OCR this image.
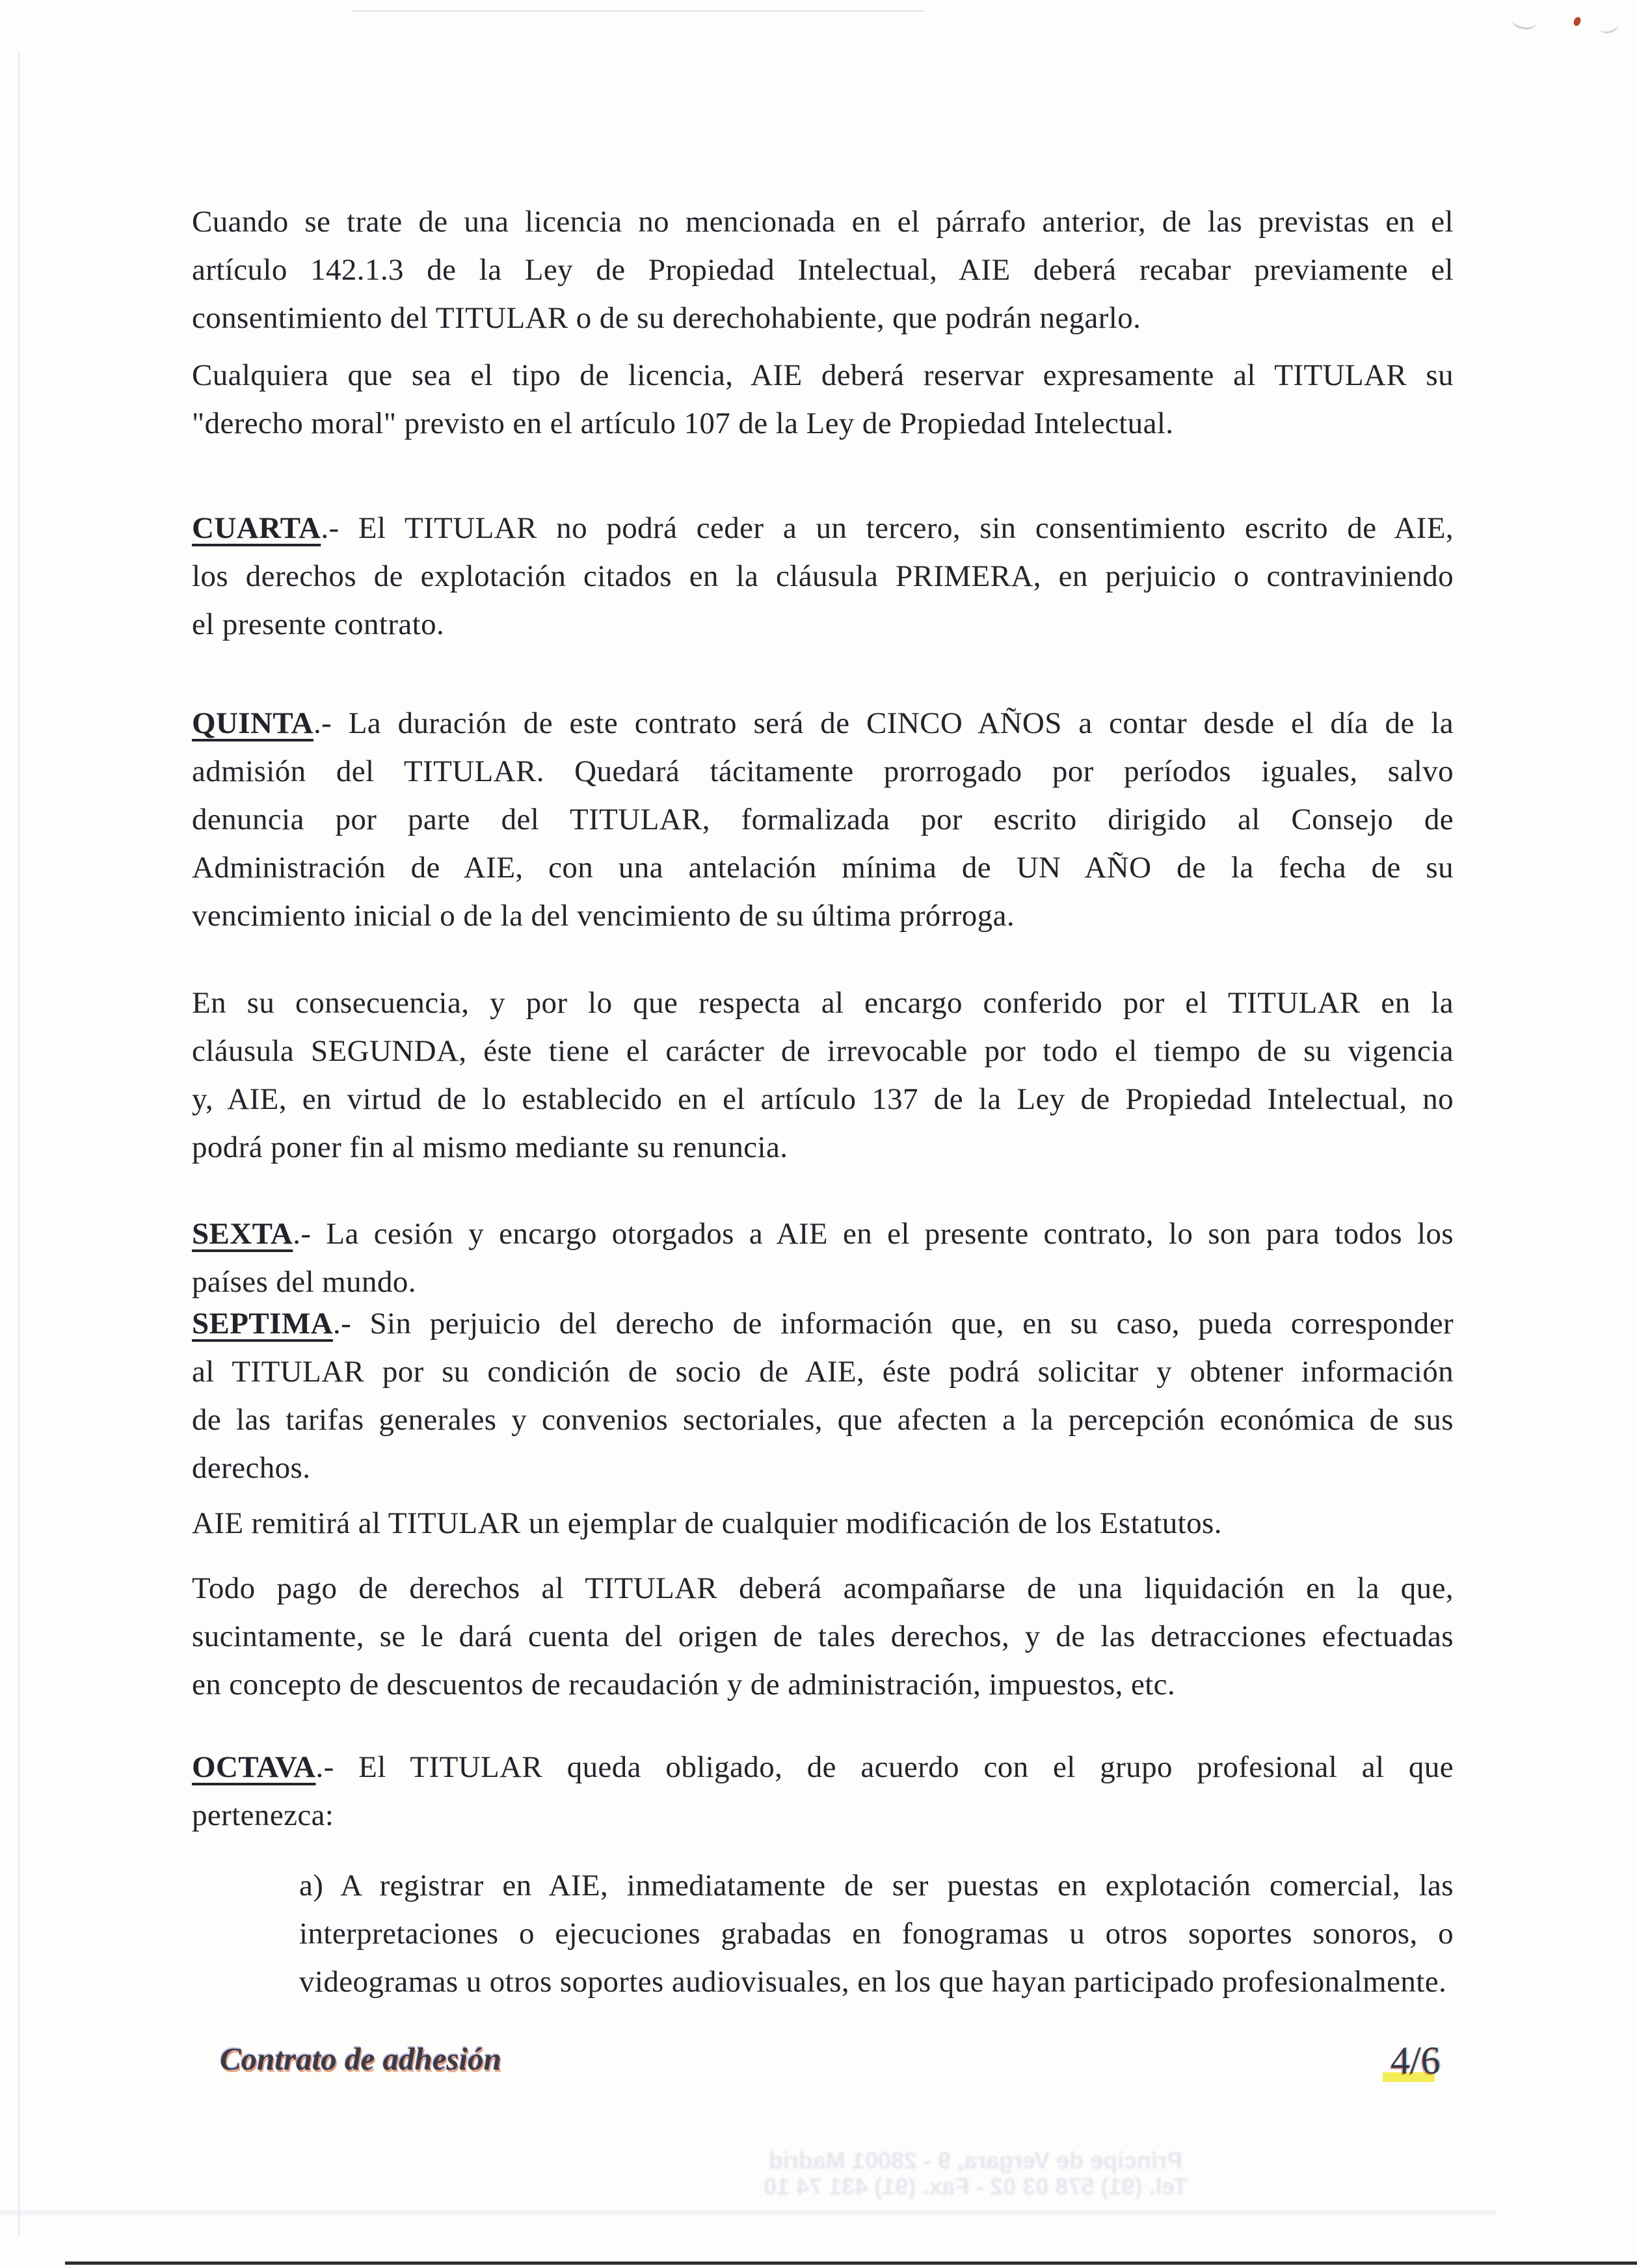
Cuando se trate de una licencia no mencionada en el párrafo anterior, de las previstas en el
artículo 142.1.3 de la Ley de Propiedad Intelectual, AIE deberá recabar previamente el
consentimiento del TITULAR o de su derechohabiente, que podrán negarlo.
Cualquiera que sea el tipo de licencia, AIE deberá reservar expresamente al TITULAR su
"derecho moral" previsto en el artículo 107 de la Ley de Propiedad Intelectual.
CUARTA.- El TITULAR no podrá ceder a un tercero, sin consentimiento escrito de AIE,
los derechos de explotación citados en la cláusula PRIMERA, en perjuicio o contraviniendo
el presente contrato.
QUINTA.- La duración de este contrato será de CINCO AÑOS a contar desde el día de la
admisión del TITULAR. Quedará tácitamente prorrogado por períodos iguales, salvo
denuncia por parte del TITULAR, formalizada por escrito dirigido al Consejo de
Administración de AIE, con una antelación mínima de UN AÑO de la fecha de su
vencimiento inicial o de la del vencimiento de su última prórroga.
En su consecuencia, y por lo que respecta al encargo conferido por el TITULAR en la
cláusula SEGUNDA, éste tiene el carácter de irrevocable por todo el tiempo de su vigencia
y, AIE, en virtud de lo establecido en el artículo 137 de la Ley de Propiedad Intelectual, no
podrá poner fin al mismo mediante su renuncia.
SEXTA.- La cesión y encargo otorgados a AIE en el presente contrato, lo son para todos los
países del mundo.
SEPTIMA.- Sin perjuicio del derecho de información que, en su caso, pueda corresponder
al TITULAR por su condición de socio de AIE, éste podrá solicitar y obtener información
de las tarifas generales y convenios sectoriales, que afecten a la percepción económica de sus
derechos.
AIE remitirá al TITULAR un ejemplar de cualquier modificación de los Estatutos.
Todo pago de derechos al TITULAR deberá acompañarse de una liquidación en la que,
sucintamente, se le dará cuenta del origen de tales derechos, y de las detracciones efectuadas
en concepto de descuentos de recaudación y de administración, impuestos, etc.
OCTAVA.- El TITULAR queda obligado, de acuerdo con el grupo profesional al que
pertenezca:
a) A registrar en AIE, inmediatamente de ser puestas en explotación comercial, las
interpretaciones o ejecuciones grabadas en fonogramas u otros soportes sonoros, o
videogramas u otros soportes audiovisuales, en los que hayan participado profesionalmente.
Contrato de adhesión	4/6
Príncipe de Vergara, 9 - 28001 Madrid
Tel. (91) 578 03 02 - Fax. (91) 431 74 10
